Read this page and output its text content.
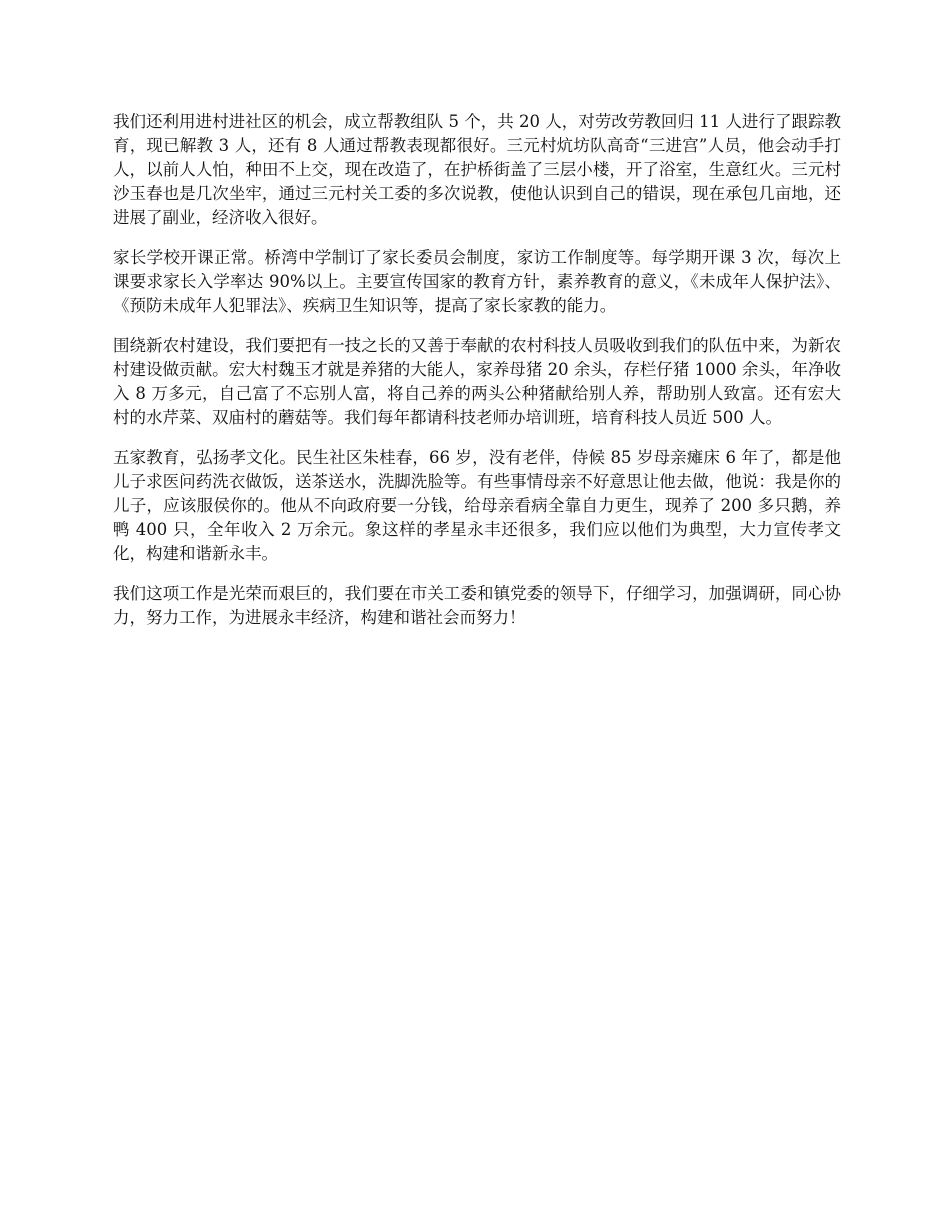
我们还利用进村进社区的机会，成立帮教组队 5 个，共 20 人，对劳改劳教回归 11 人进行了跟踪教育，现已解教 3 人，还有 8 人通过帮教表现都很好。三元村炕坊队高奇“三进宫”人员，他会动手打人，以前人人怕，种田不上交，现在改造了，在护桥街盖了三层小楼，开了浴室，生意红火。三元村沙玉春也是几次坐牢，通过三元村关工委的多次说教，使他认识到自己的错误，现在承包几亩地，还进展了副业，经济收入很好。

家长学校开课正常。桥湾中学制订了家长委员会制度，家访工作制度等。每学期开课 3 次，每次上课要求家长入学率达 90%以上。主要宣传国家的教育方针，素养教育的意义，《未成年人保护法》、《预防未成年人犯罪法》、疾病卫生知识等，提高了家长家教的能力。

围绕新农村建设，我们要把有一技之长的又善于奉献的农村科技人员吸收到我们的队伍中来，为新农村建设做贡献。宏大村魏玉才就是养猪的大能人，家养母猪 20 余头，存栏仔猪 1000 余头，年净收入 8 万多元，自己富了不忘别人富，将自己养的两头公种猪献给别人养，帮助别人致富。还有宏大村的水芹菜、双庙村的蘑菇等。我们每年都请科技老师办培训班，培育科技人员近 500 人。

五家教育，弘扬孝文化。民生社区朱桂春，66 岁，没有老伴，侍候 85 岁母亲瘫床 6 年了，都是他儿子求医问药洗衣做饭，送茶送水，洗脚洗脸等。有些事情母亲不好意思让他去做，他说：我是你的儿子，应该服侯你的。他从不向政府要一分钱，给母亲看病全靠自力更生，现养了 200 多只鹅，养鸭 400 只，全年收入 2 万余元。象这样的孝星永丰还很多，我们应以他们为典型，大力宣传孝文化，构建和谐新永丰。

我们这项工作是光荣而艰巨的，我们要在市关工委和镇党委的领导下，仔细学习，加强调研，同心协力，努力工作，为进展永丰经济，构建和谐社会而努力！
